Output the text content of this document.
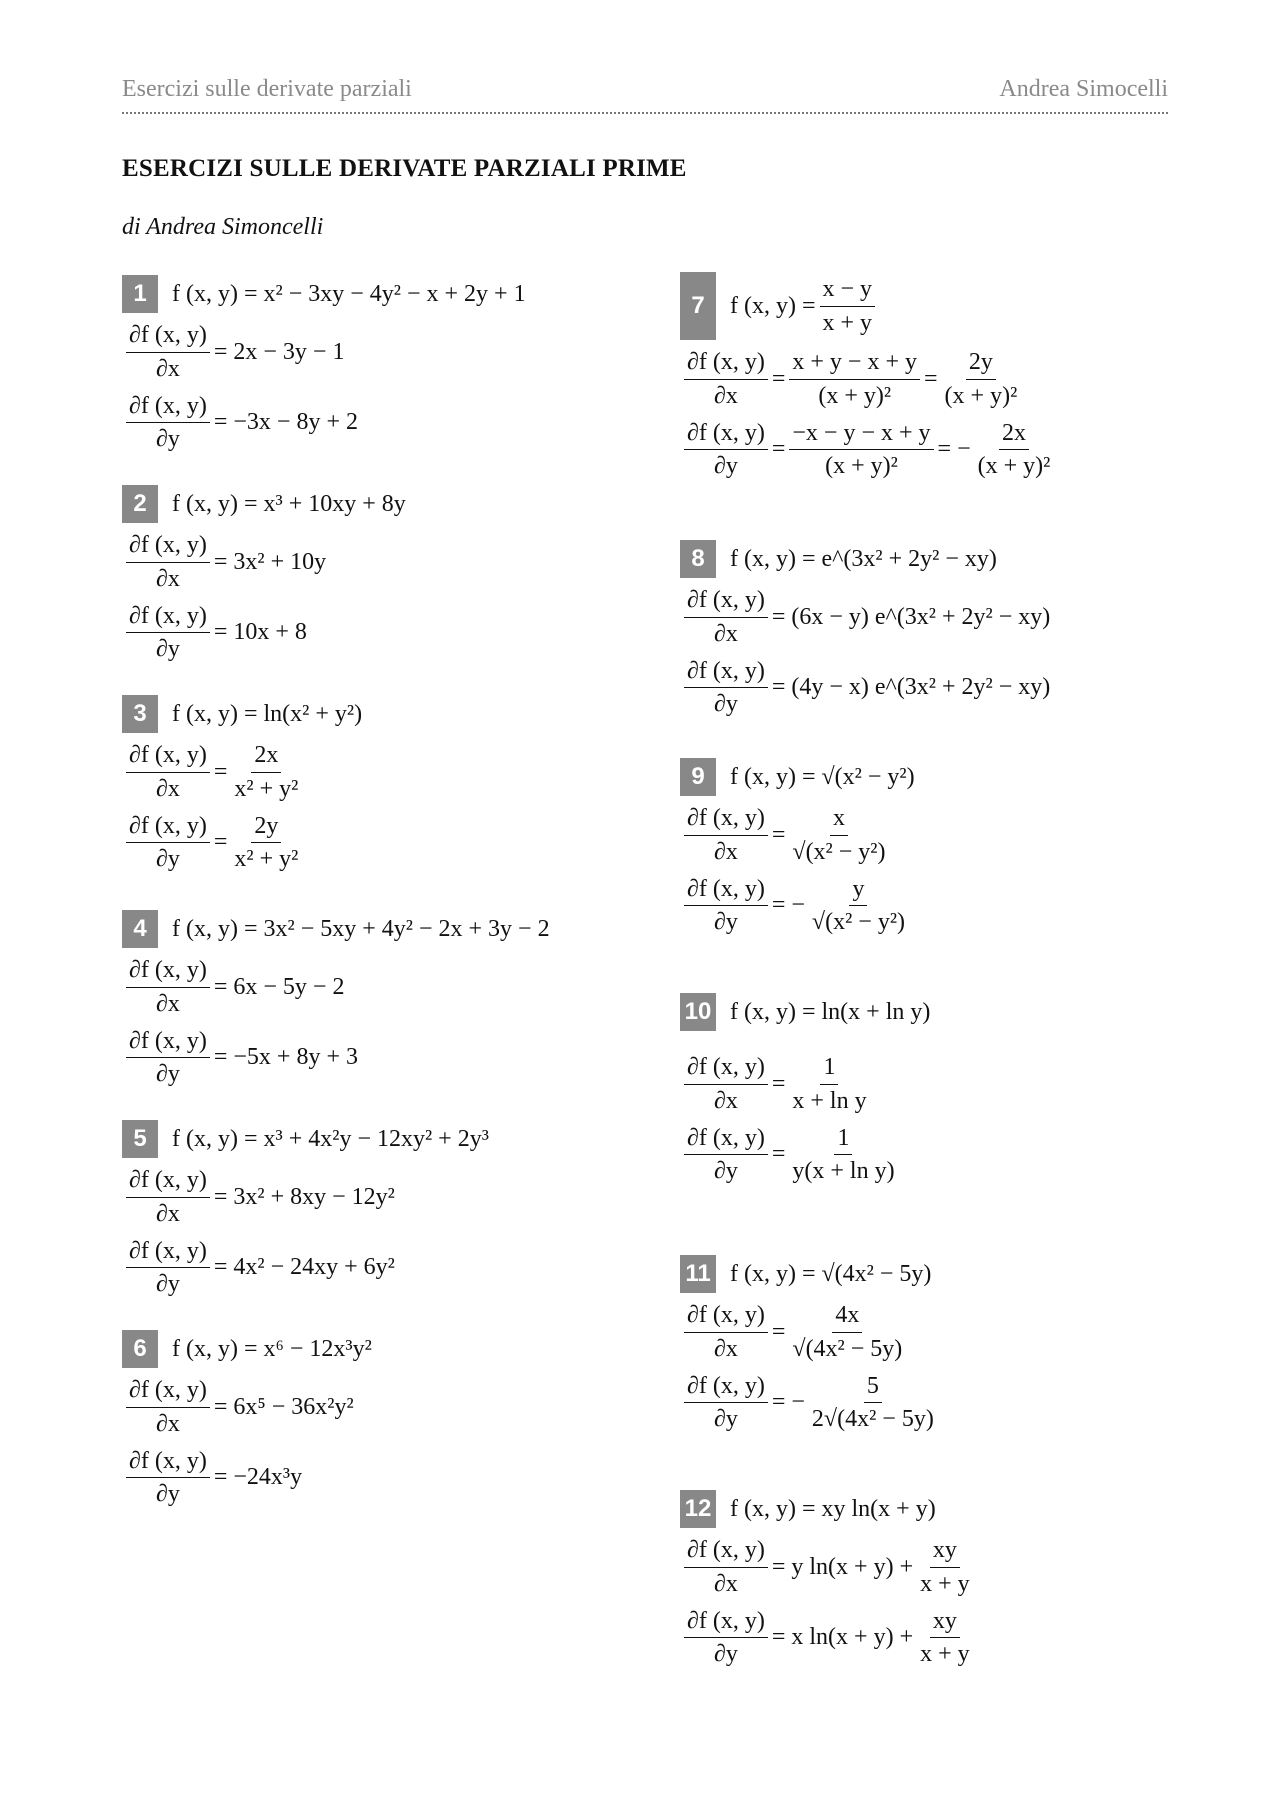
Esercizi sulle derivate parziali	Andrea Simocelli
ESERCIZI SULLE DERIVATE PARZIALI PRIME
di Andrea Simoncelli
1	f (x, y) = x² − 3xy − 4y² − x + 2y + 1
$\frac{\partial f (x, y)}{\partial x} = 2x - 3y - 1$
$\frac{\partial f (x, y)}{\partial y} = -3x - 8y + 2$
2	f (x, y) = x³ + 10xy + 8y
$\frac{\partial f (x, y)}{\partial x} = 3x^2 + 10y$
$\frac{\partial f (x, y)}{\partial y} = 10x + 8$
3	f (x, y) = ln(x² + y²)
$\frac{\partial f (x, y)}{\partial x} = \frac{2x}{\text{x² + y²}}$
$\frac{\partial f (x, y)}{\partial y} = \frac{2y}{\text{x² + y²}}$
4	f (x, y) = 3x² − 5xy + 4y² − 2x + 3y − 2
$\frac{\partial f (x, y)}{\partial x} = 6x - 5y - 2$
$\frac{\partial f (x, y)}{\partial y} = -5x + 8y + 3$
5	f (x, y) = x³ + 4x²y − 12xy² + 2y³
$\frac{\partial f (x, y)}{\partial x} = 3x^2 + 8xy - 12y^2$
$\frac{\partial f (x, y)}{\partial y} = 4x^2 - 24xy + 6y^2$
6	f (x, y) = x⁶ − 12x³y²
$\frac{\partial f (x, y)}{\partial x} = 6x^5 - 36x^2y^2$
$\frac{\partial f (x, y)}{\partial y} = -24x^3y$
7	f (x, $y) = \frac{x - y}{x + y}$
$\frac{\partial f (x, y)}{\partial x} = \frac{x + y - x + y}{\text{(x + y)²}} = \frac{2y}{\text{(x + y)²}}$
$\frac{\partial f (x, y)}{\partial y} = \frac{-x - y - x + y}{\text{(x + y)²}}$ = − $\frac{2x}{\text{(x + y)²}}$
8	f (x, y) = e^(3x² + 2y² − xy)
$\frac{\partial f (x, y)}{\partial x} = (6x - y)$ e^(3x² + 2y² − xy)
$\frac{\partial f (x, y)}{\partial y} = (4y - x)$ e^(3x² + 2y² − xy)
9	f (x, y) = √(x² − y²)
$\frac{\partial f (x, y)}{\partial x} = \frac{x}{\text{√(x² − y²)}}$
$\frac{\partial f (x, y)}{\partial y}$ = − $\frac{y}{\text{√(x² − y²)}}$
10 f (x, y) = ln(x + ln y)
$\frac{\partial f (x, y)}{\partial x} = \frac{1}{\text{x + ln y}}$
$\frac{\partial f (x, y)}{\partial y} = \frac{1}{\text{y(x + ln y)}}$
11 f (x, y) = √(4x² − 5y)
$\frac{\partial f (x, y)}{\partial x} = \frac{4x}{\text{√(4x² − 5y)}}$
$\frac{\partial f (x, y)}{\partial y}$ = − $\frac{5}{\text{2√(4x² − 5y)}}$
12 f (x, y) = xy ln(x + y)
$\frac{\partial f (x, y)}{\partial x} = y$ $\ln(x + y) + \frac{xy}{x + y}$
$\frac{\partial f (x, y)}{\partial y} = x$ $\ln(x + y) + \frac{xy}{x + y}$
